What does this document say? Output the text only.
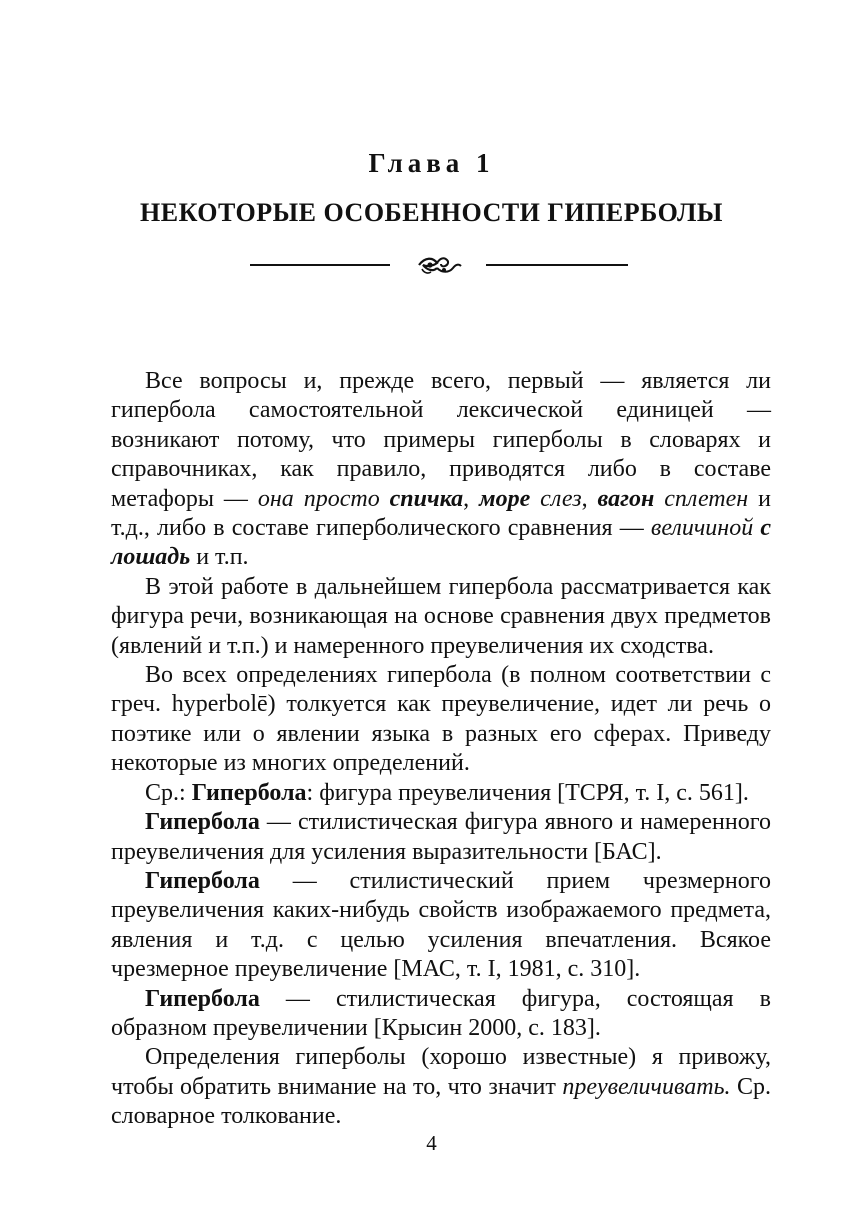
Глава 1
НЕКОТОРЫЕ ОСОБЕННОСТИ ГИПЕРБОЛЫ

Все вопросы и, прежде всего, первый — является ли гипербола самостоятельной лексической единицей — возникают потому, что примеры гиперболы в словарях и справочниках, как правило, приводятся либо в составе метафоры — она просто спичка, море слез, вагон сплетен и т.д., либо в составе гиперболического сравнения — величиной с лошадь и т.п.

В этой работе в дальнейшем гипербола рассматривается как фигура речи, возникающая на основе сравнения двух предметов (явлений и т.п.) и намеренного преувеличения их сходства.

Во всех определениях гипербола (в полном соответствии с греч. hyperbolē) толкуется как преувеличение, идет ли речь о поэтике или о явлении языка в разных его сферах. Приведу некоторые из многих определений.

Ср.: Гипербола: фигура преувеличения [ТСРЯ, т. I, с. 561].

Гипербола — стилистическая фигура явного и намеренного преувеличения для усиления выразительности [БАС].

Гипербола — стилистический прием чрезмерного преувеличения каких-нибудь свойств изображаемого предмета, явления и т.д. с целью усиления впечатления. Всякое чрезмерное преувеличение [МАС, т. I, 1981, с. 310].

Гипербола — стилистическая фигура, состоящая в образном преувеличении [Крысин 2000, с. 183].

Определения гиперболы (хорошо известные) я привожу, чтобы обратить внимание на то, что значит преувеличивать. Ср. словарное толкование.

4
